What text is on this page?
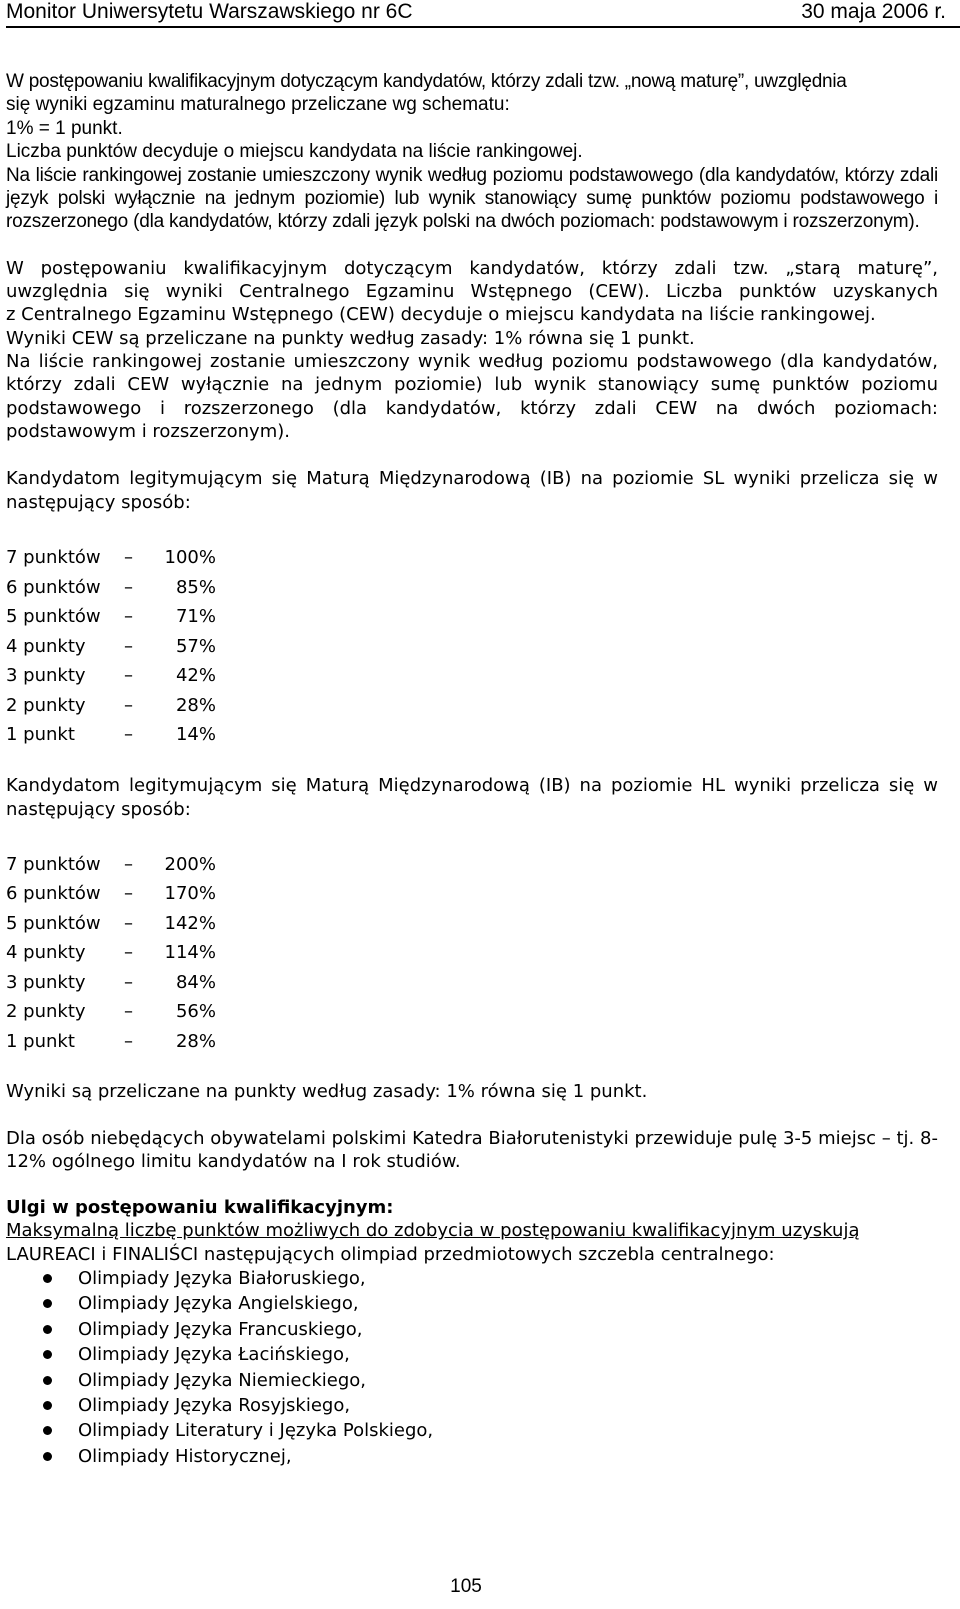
Monitor Uniwersytetu Warszawskiego nr 6C	30 maja 2006 r.

W postępowaniu kwalifikacyjnym dotyczącym kandydatów, którzy zdali tzw. „nową maturę”, uwzględnia
się wyniki egzaminu maturalnego przeliczane wg schematu:
1% = 1 punkt.
Liczba punktów decyduje o miejscu kandydata na liście rankingowej.

Na liście rankingowej zostanie umieszczony wynik według poziomu podstawowego (dla kandydatów, którzy zdali język polski wyłącznie na jednym poziomie) lub wynik stanowiący sumę punktów poziomu podstawowego i rozszerzonego (dla kandydatów, którzy zdali język polski na dwóch poziomach: podstawowym i rozszerzonym).

W postępowaniu kwalifikacyjnym dotyczącym kandydatów, którzy zdali tzw. „starą maturę”, uwzględnia się wyniki Centralnego Egzaminu Wstępnego (CEW). Liczba punktów uzyskanych

z Centralnego Egzaminu Wstępnego (CEW) decyduje o miejscu kandydata na liście rankingowej.

Wyniki CEW są przeliczane na punkty według zasady: 1% równa się 1 punkt.

Na liście rankingowej zostanie umieszczony wynik według poziomu podstawowego (dla kandydatów, którzy zdali CEW wyłącznie na jednym poziomie) lub wynik stanowiący sumę punktów poziomu podstawowego i rozszerzonego (dla kandydatów, którzy zdali CEW na dwóch poziomach: podstawowym i rozszerzonym).

Kandydatom legitymującym się Maturą Międzynarodową (IB) na poziomie SL wyniki przelicza się w następujący sposób:

7 punktów –	100%
6 punktów –	85%
5 punktów –	71%
4 punkty –	57%
3 punkty –	42%
2 punkty –	28%
1 punkt	–	14%

Kandydatom legitymującym się Maturą Międzynarodową (IB) na poziomie HL wyniki przelicza się w następujący sposób:

7 punktów –	200%
6 punktów –	170%
5 punktów –	142%
4 punkty –	114%
3 punkty –	84%
2 punkty –	56%
1 punkt	–	28%

Wyniki są przeliczane na punkty według zasady: 1% równa się 1 punkt.

Dla osób niebędących obywatelami polskimi Katedra Białorutenistyki przewiduje pulę 3-5 miejsc – tj. 8-12% ogólnego limitu kandydatów na I rok studiów.

Ulgi w postępowaniu kwalifikacyjnym:

Maksymalną liczbę punktów możliwych do zdobycia w postępowaniu kwalifikacyjnym uzyskują

LAUREACI i FINALIŚCI następujących olimpiad przedmiotowych szczebla centralnego:

Olimpiady Języka Białoruskiego,
Olimpiady Języka Angielskiego,
Olimpiady Języka Francuskiego,
Olimpiady Języka Łacińskiego,
Olimpiady Języka Niemieckiego,
Olimpiady Języka Rosyjskiego,
Olimpiady Literatury i Języka Polskiego,
Olimpiady Historycznej,
105
